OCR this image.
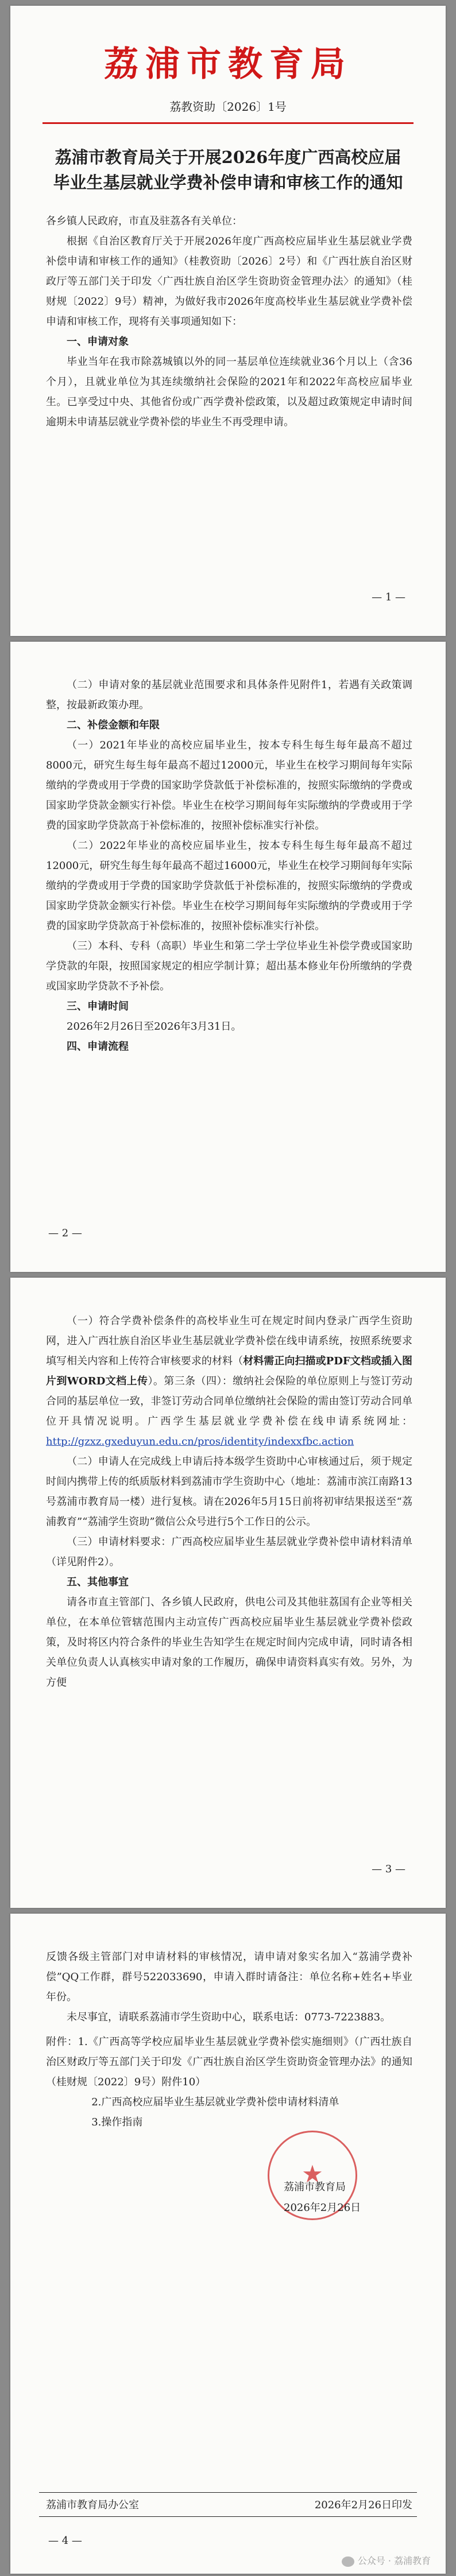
荔浦市教育局
荔教资助〔2026〕1号
荔浦市教育局关于开展2026年度广西高校应届毕业生基层就业学费补偿申请和审核工作的通知

各乡镇人民政府，市直及驻荔各有关单位：

根据《自治区教育厅关于开展2026年度广西高校应届毕业生基层就业学费补偿申请和审核工作的通知》（桂教资助〔2026〕2号）和《广西壮族自治区财政厅等五部门关于印发〈广西壮族自治区学生资助资金管理办法〉的通知》（桂财规〔2022〕9号）精神，为做好我市2026年度高校毕业生基层就业学费补偿申请和审核工作，现将有关事项通知如下：

一、申请对象

毕业当年在我市除荔城镇以外的同一基层单位连续就业36个月以上（含36个月），且就业单位为其连续缴纳社会保险的2021年和2022年高校应届毕业生。已享受过中央、其他省份或广西学费补偿政策，以及超过政策规定申请时间逾期未申请基层就业学费补偿的毕业生不再受理申请。

— 1 —

（二）申请对象的基层就业范围要求和具体条件见附件1，若遇有关政策调整，按最新政策办理。

二、补偿金额和年限

（一）2021年毕业的高校应届毕业生，按本专科生每生每年最高不超过8000元，研究生每生每年最高不超过12000元，毕业生在校学习期间每年实际缴纳的学费或用于学费的国家助学贷款低于补偿标准的，按照实际缴纳的学费或国家助学贷款金额实行补偿。毕业生在校学习期间每年实际缴纳的学费或用于学费的国家助学贷款高于补偿标准的，按照补偿标准实行补偿。

（二）2022年毕业的高校应届毕业生，按本专科生每生每年最高不超过12000元，研究生每生每年最高不超过16000元，毕业生在校学习期间每年实际缴纳的学费或用于学费的国家助学贷款低于补偿标准的，按照实际缴纳的学费或国家助学贷款金额实行补偿。毕业生在校学习期间每年实际缴纳的学费或用于学费的国家助学贷款高于补偿标准的，按照补偿标准实行补偿。

（三）本科、专科（高职）毕业生和第二学士学位毕业生补偿学费或国家助学贷款的年限，按照国家规定的相应学制计算；超出基本修业年份所缴纳的学费或国家助学贷款不予补偿。

三、申请时间

2026年2月26日至2026年3月31日。

四、申请流程
— 2 —

（一）符合学费补偿条件的高校毕业生可在规定时间内登录广西学生资助网，进入广西壮族自治区毕业生基层就业学费补偿在线申请系统，按照系统要求填写相关内容和上传符合审核要求的材料（材料需正向扫描或PDF文档或插入图片到WORD文档上传）。第三条（四）：缴纳社会保险的单位原则上与签订劳动合同的基层单位一致，非签订劳动合同单位缴纳社会保险的需由签订劳动合同单位开具情况说明。广西学生基层就业学费补偿在线申请系统网址：http://gzxz.gxeduyun.edu.cn/pros/identity/indexxfbc.action

（二）申请人在完成线上申请后持本级学生资助中心审核通过后，须于规定时间内携带上传的纸质版材料到荔浦市学生资助中心（地址：荔浦市滨江南路13号荔浦市教育局一楼）进行复核。请在2026年5月15日前将初审结果报送至“荔浦教育”“荔浦学生资助”微信公众号进行5个工作日的公示。

（三）申请材料要求：广西高校应届毕业生基层就业学费补偿申请材料清单（详见附件2）。

五、其他事宜

请各市直主管部门、各乡镇人民政府，供电公司及其他驻荔国有企业等相关单位，在本单位管辖范围内主动宣传广西高校应届毕业生基层就业学费补偿政策，及时将区内符合条件的毕业生告知学生在规定时间内完成申请，同时请各相关单位负责人认真核实申请对象的工作履历，确保申请资料真实有效。另外，为方便

— 3 —

反馈各级主管部门对申请材料的审核情况，请申请对象实名加入“荔浦学费补偿”QQ工作群，群号522033690，申请入群时请备注：单位名称+姓名+毕业年份。

未尽事宜，请联系荔浦市学生资助中心，联系电话：0773-7223883。

附件：1.《广西高等学校应届毕业生基层就业学费补偿实施细则》（广西壮族自治区财政厅等五部门关于印发《广西壮族自治区学生资助资金管理办法》的通知（桂财规〔2022〕9号）附件10）

2.广西高校应届毕业生基层就业学费补偿申请材料清单

3.操作指南

★
荔浦市教育局
2026年2月26日
荔浦市教育局办公室	2026年2月26日印发
— 4 —
公众号 · 荔浦教育
